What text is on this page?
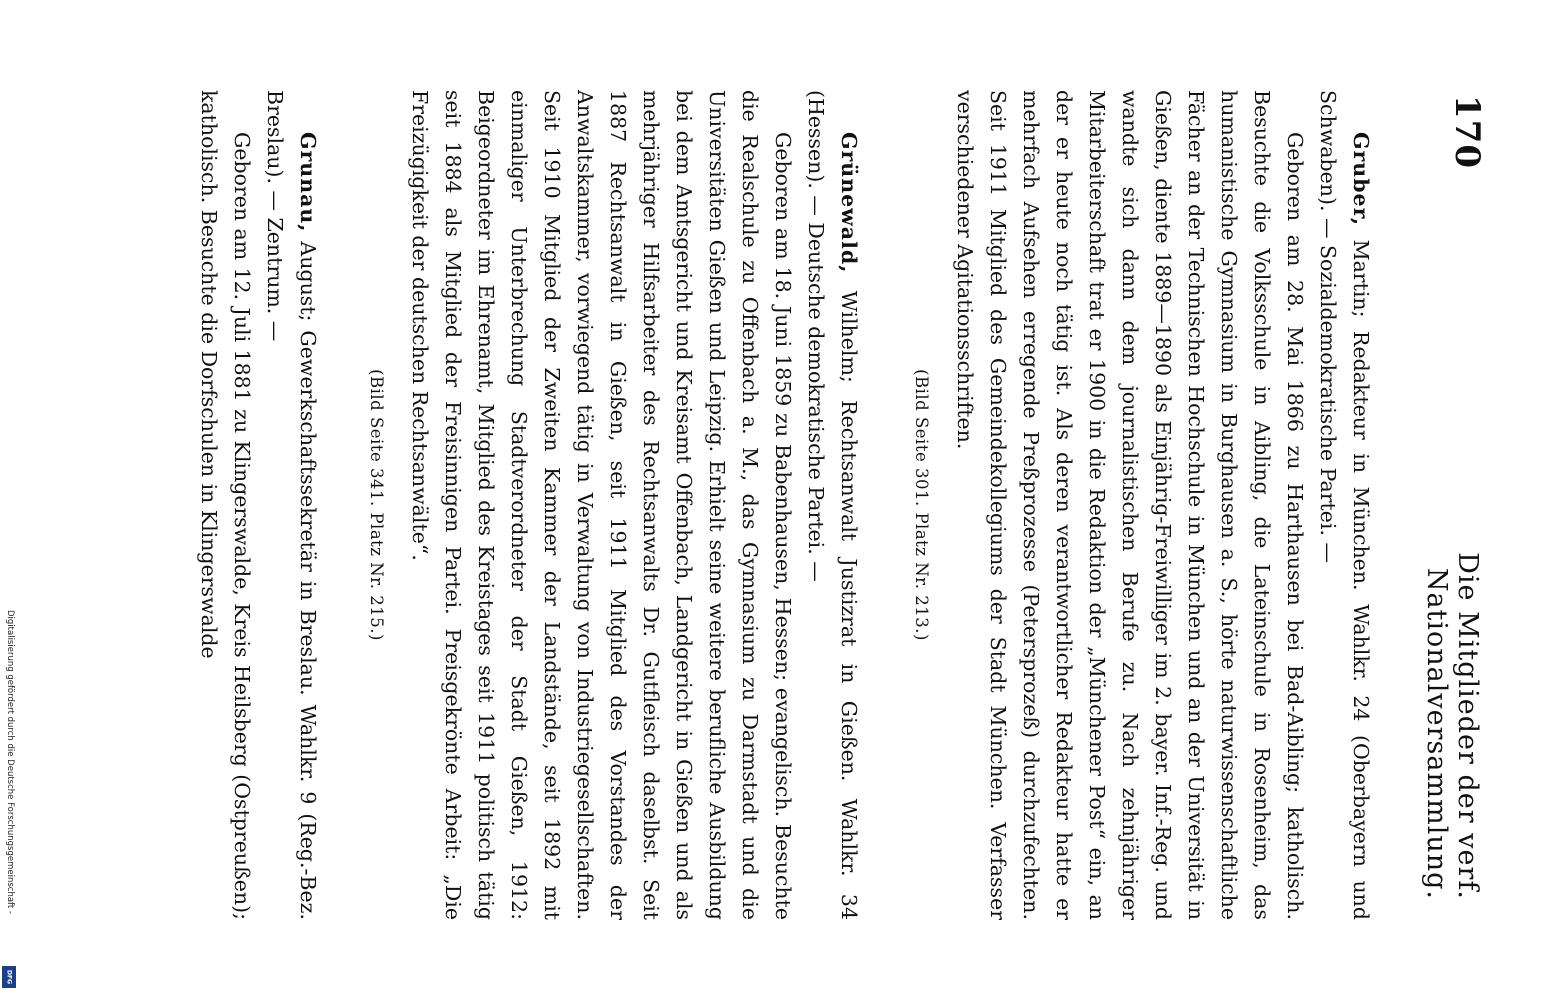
170
Die Mitglieder der verf. Nationalversammlung.

Gruber, Martin; Redakteur in München. Wahlkr. 24 (Oberbayern und Schwaben). — Sozialdemokratische Partei. —

Geboren am 28. Mai 1866 zu Harthausen bei Bad-Aibling; katholisch. Besuchte die Volksschule in Aibling, die Lateinschule in Rosenheim, das humanistische Gymnasium in Burghausen a. S., hörte naturwissenschaftliche Fächer an der Technischen Hochschule in München und an der Universität in Gießen, diente 1889—1890 als Einjährig-Freiwilliger im 2. bayer. Inf.-Reg. und wandte sich dann dem journalistischen Berufe zu. Nach zehnjähriger Mitarbeiterschaft trat er 1900 in die Redaktion der „Münchener Post“ ein, an der er heute noch tätig ist. Als deren verantwortlicher Redakteur hatte er mehrfach Aufsehen erregende Preßprozesse (Petersprozeß) durchzufechten. Seit 1911 Mitglied des Gemeindekollegiums der Stadt München. Verfasser verschiedener Agitationsschriften.

(Bild Seite 301. Platz Nr. 213.)

Grünewald, Wilhelm; Rechtsanwalt Justizrat in Gießen. Wahlkr. 34 (Hessen). — Deutsche demokratische Partei. —

Geboren am 18. Juni 1859 zu Babenhausen, Hessen; evangelisch. Besuchte die Realschule zu Offenbach a. M., das Gymnasium zu Darmstadt und die Universitäten Gießen und Leipzig. Erhielt seine weitere berufliche Ausbildung bei dem Amtsgericht und Kreisamt Offenbach, Landgericht in Gießen und als mehrjähriger Hilfsarbeiter des Rechtsanwalts Dr. Gutfleisch daselbst. Seit 1887 Rechtsanwalt in Gießen, seit 1911 Mitglied des Vorstandes der Anwaltskammer, vorwiegend tätig in Verwaltung von Industriegesellschaften. Seit 1910 Mitglied der Zweiten Kammer der Landstände, seit 1892 mit einmaliger Unterbrechung Stadtverordneter der Stadt Gießen, 1912: Beigeordneter im Ehrenamt, Mitglied des Kreistages seit 1911 politisch tätig seit 1884 als Mitglied der Freisinnigen Partei. Preisgekrönte Arbeit: „Die Freizügigkeit der deutschen Rechtsanwälte“.

(Bild Seite 341. Platz Nr. 215.)

Grunau, August; Gewerkschaftssekretär in Breslau. Wahlkr. 9 (Reg.-Bez. Breslau). — Zentrum. —

Geboren am 12. Juli 1881 zu Klingerswalde, Kreis Heilsberg (Ostpreußen); katholisch. Besuchte die Dorfschulen in Klingerswalde

Digitalisierung gefördert durch die Deutsche Forschungsgemeinschaft -
DFG
